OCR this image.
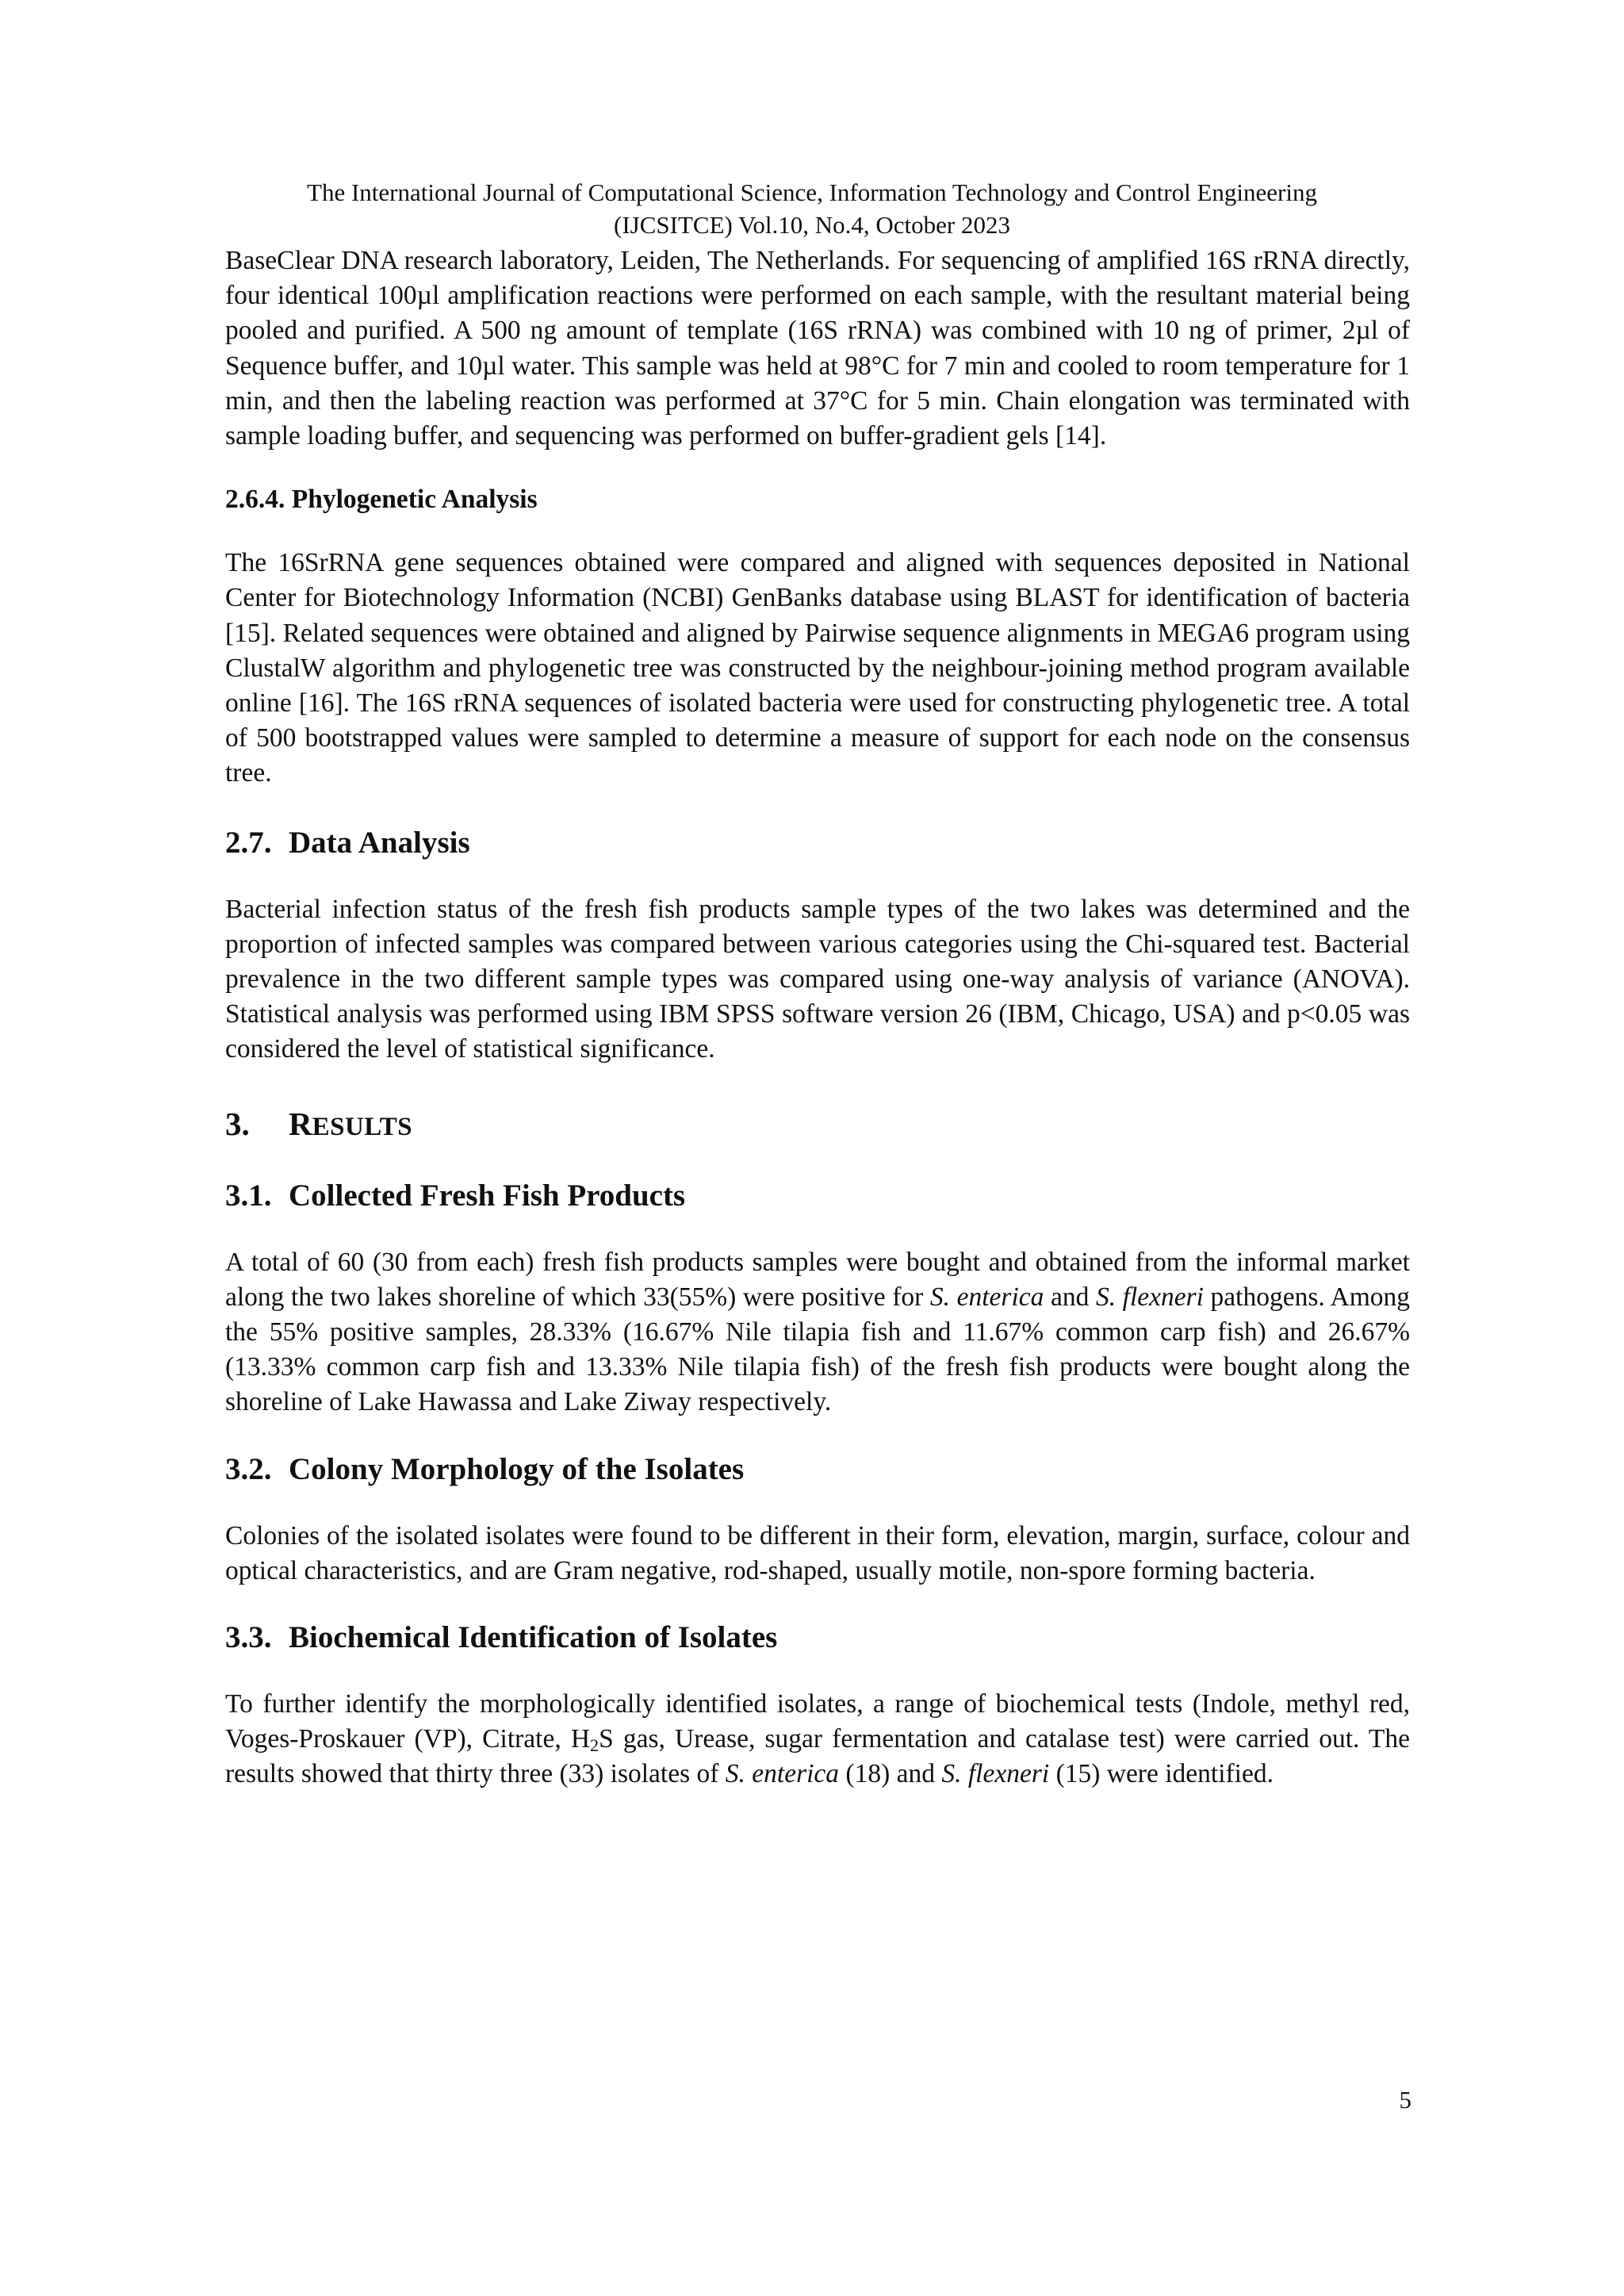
The International Journal of Computational Science, Information Technology and Control Engineering
(IJCSITCE) Vol.10, No.4, October 2023

BaseClear DNA research laboratory, Leiden, The Netherlands. For sequencing of amplified 16S rRNA directly, four identical 100µl amplification reactions were performed on each sample, with the resultant material being pooled and purified. A 500 ng amount of template (16S rRNA) was combined with 10 ng of primer, 2µl of Sequence buffer, and 10µl water. This sample was held at 98°C for 7 min and cooled to room temperature for 1 min, and then the labeling reaction was performed at 37°C for 5 min. Chain elongation was terminated with sample loading buffer, and sequencing was performed on buffer-gradient gels [14].

2.6.4. Phylogenetic Analysis

The 16SrRNA gene sequences obtained were compared and aligned with sequences deposited in National Center for Biotechnology Information (NCBI) GenBanks database using BLAST for identification of bacteria [15]. Related sequences were obtained and aligned by Pairwise sequence alignments in MEGA6 program using ClustalW algorithm and phylogenetic tree was constructed by the neighbour-joining method program available online [16]. The 16S rRNA sequences of isolated bacteria were used for constructing phylogenetic tree. A total of 500 bootstrapped values were sampled to determine a measure of support for each node on the consensus tree.

2.7. Data Analysis

Bacterial infection status of the fresh fish products sample types of the two lakes was determined and the proportion of infected samples was compared between various categories using the Chi-squared test. Bacterial prevalence in the two different sample types was compared using one-way analysis of variance (ANOVA). Statistical analysis was performed using IBM SPSS software version 26 (IBM, Chicago, USA) and p<0.05 was considered the level of statistical significance.

3. RESULTS
3.1. Collected Fresh Fish Products

A total of 60 (30 from each) fresh fish products samples were bought and obtained from the informal market along the two lakes shoreline of which 33(55%) were positive for S. enterica and S. flexneri pathogens. Among the 55% positive samples, 28.33% (16.67% Nile tilapia fish and 11.67% common carp fish) and 26.67% (13.33% common carp fish and 13.33% Nile tilapia fish) of the fresh fish products were bought along the shoreline of Lake Hawassa and Lake Ziway respectively.

3.2. Colony Morphology of the Isolates

Colonies of the isolated isolates were found to be different in their form, elevation, margin, surface, colour and optical characteristics, and are Gram negative, rod-shaped, usually motile, non-spore forming bacteria.

3.3. Biochemical Identification of Isolates

To further identify the morphologically identified isolates, a range of biochemical tests (Indole, methyl red, Voges-Proskauer (VP), Citrate, $H_2S$ gas, Urease, sugar fermentation and catalase test) were carried out. The results showed that thirty three (33) isolates of S. enterica (18) and S. flexneri (15) were identified.

5
